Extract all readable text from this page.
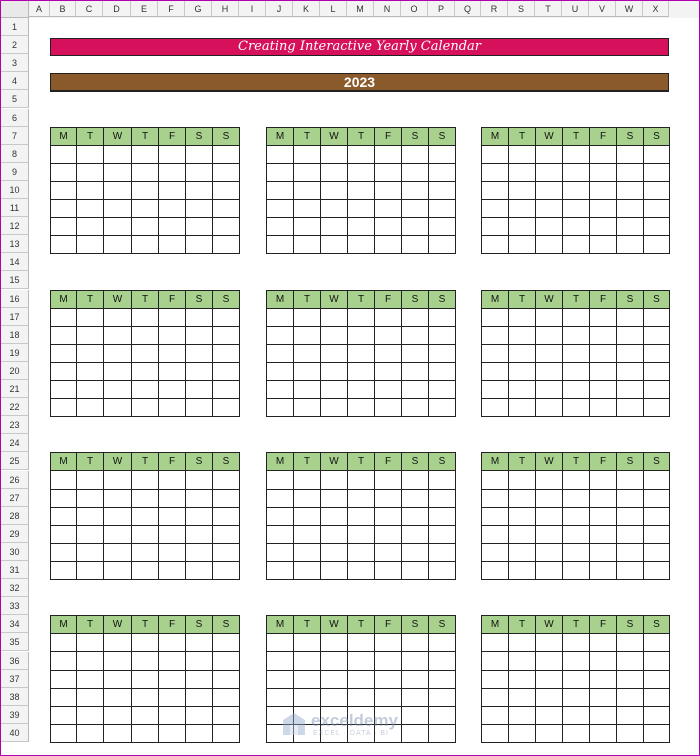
A	B	C	D	E	F	G	H	I	J	K	L	M	N	O	P	Q	R	S	T	U	V	W	X
1
2
3
4
5
6
7
8
9
10
11
12
13
14
15
16
17
18
19
20
21
22
23
24
25
26
27
28
29
30
31
32
33
34
35
36
37
38
39
40
Creating Interactive Yearly Calendar
2023
M	T	W	T	F	S	S

							M	T	W	T	F	S	S

							M	T	W	T	F	S	S

M	T	W	T	F	S	S

							M	T	W	T	F	S	S

							M	T	W	T	F	S	S

M	T	W	T	F	S	S

							M	T	W	T	F	S	S

							M	T	W	T	F	S	S

M	T	W	T	F	S	S

							M	T	W	T	F	S	S

							M	T	W	T	F	S	S

exceldemy
EXCEL · DATA · BI
